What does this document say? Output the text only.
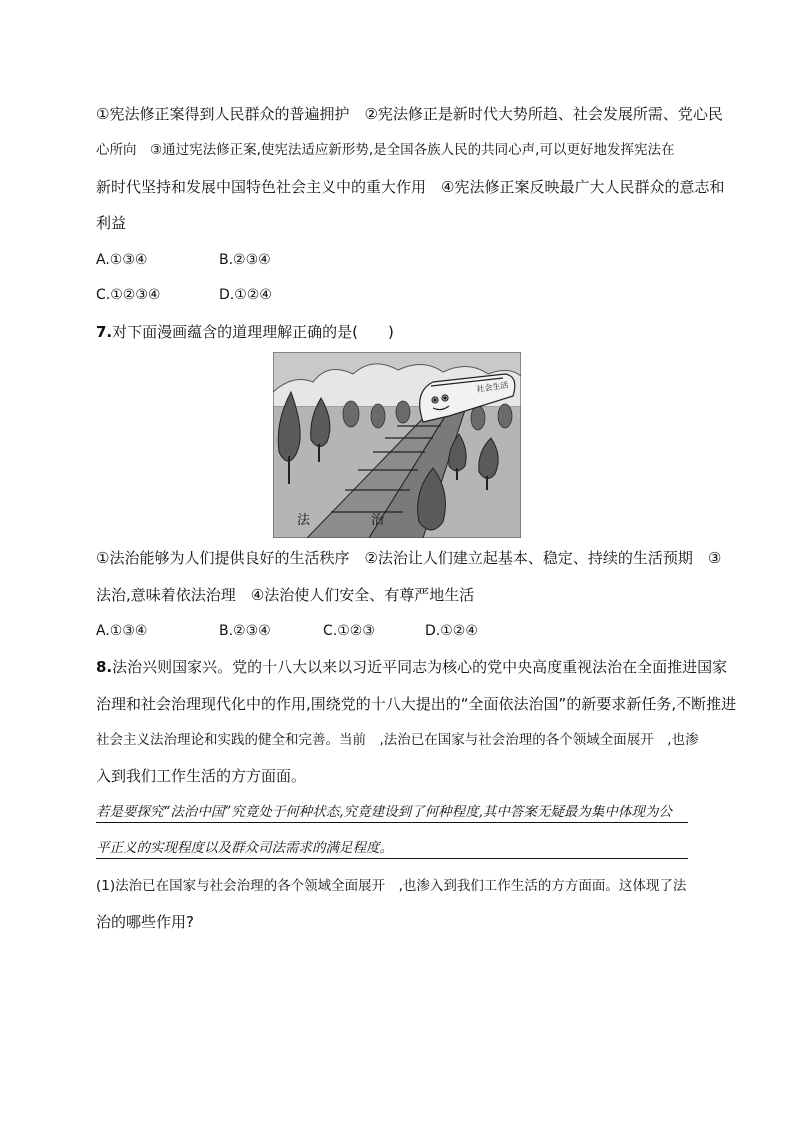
①宪法修正案得到人民群众的普遍拥护　②宪法修正是新时代大势所趋、社会发展所需、党心民
心所向　③通过宪法修正案,使宪法适应新形势,是全国各族人民的共同心声,可以更好地发挥宪法在
新时代坚持和发展中国特色社会主义中的重大作用　④宪法修正案反映最广大人民群众的意志和
利益
A.①③④	B.②③④
C.①②③④	D.①②④
7.对下面漫画蕴含的道理理解正确的是(　　)
社会生活
法	治
①法治能够为人们提供良好的生活秩序　②法治让人们建立起基本、稳定、持续的生活预期　③
法治,意味着依法治理　④法治使人们安全、有尊严地生活
A.①③④	B.②③④	C.①②③	D.①②④
8.法治兴则国家兴。党的十八大以来以习近平同志为核心的党中央高度重视法治在全面推进国家
治理和社会治理现代化中的作用,围绕党的十八大提出的“全面依法治国”的新要求新任务,不断推进
社会主义法治理论和实践的健全和完善。当前　,法治已在国家与社会治理的各个领域全面展开　,也渗
入到我们工作生活的方方面面。
若是要探究“法治中国”究竟处于何种状态,究竟建设到了何种程度,其中答案无疑最为集中体现为公
平正义的实现程度以及群众司法需求的满足程度。
(1)法治已在国家与社会治理的各个领域全面展开　,也渗入到我们工作生活的方方面面。这体现了法
治的哪些作用?
